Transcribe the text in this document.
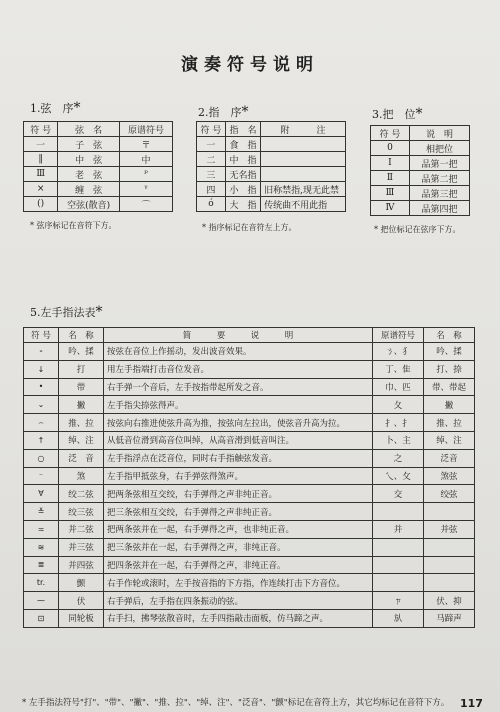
演奏符号说明
1.弦　序*
符 号	弦　名	原谱符号
一	子　弦	〒
‖	中　弦	中
Ⅲ	老　弦	ᵖ
×	缠　弦	ᵞ
()	空弦(散音)	⌒
* 弦序标记在音符下方。
2.指　序*
符 号	指　名	附　　　注
一	食　指	
二	中　指	
三	无名指	
四	小　指	旧称禁指,现无此禁
ó	大　指	传统曲不用此指
* 指序标记在音符左上方。
3.把　位*
符 号	说　明
0	相把位
Ⅰ	品第一把
Ⅱ	品第二把
Ⅲ	品第三把
Ⅳ	品第四把
* 把位标记在弦序下方。
5.左手指法表*
符 号	名　称	简　　　要　　　说　　　明	原谱符号	名　称
⁃	吟、揉	按弦在音位上作摇动，发出波音效果。	ㄋ、犭	吟、揉
↓	打	用左手指端打击音位发音。	丁、隹	打、捺
•	带	右手弹一个音后，左手按指带起所发之音。	巾、匹	带、带起
⌄	撇	左手指尖捺弦得声。	夂	撇
⌢	推、拉	按弦向右推进使弦升高为推，按弦向左拉出，使弦音升高为拉。	扌、扌	推、拉
↑	绰、注	从低音位滑到高音位叫绰，从高音滑到低音叫注。	卜、主	绰、注
○	泛　音	左手指浮点在泛音位，同时右手指触弦发音。	之	泛音
⁻	煞	左手指甲抵弦身，右手弹弦得煞声。	乀、攵	煞弦
∀	绞二弦	把两条弦相互交绞，右手弹得之声非纯正音。	交	绞弦
≚	绞三弦	把三条弦相互交绞，右手弹得之声非纯正音。		
≍	并二弦	把两条弦并在一起，右手弹得之声，也非纯正音。	并	并弦
≋	并三弦	把三条弦并在一起，右手弹得之声，非纯正音。		
≣	并四弦	把四条弦并在一起，右手弹得之声，非纯正音。		
tr.	颤	右手作轮或滚时，左手按音指的下方指，作连续打击下方音位。		
⁓	伏	右手弹后，左手指在四条振动的弦。	ㄗ	伏、抑
⊡	同轮板	右手扫，拂琴弦散音时，左手四指敲击面板，仿马蹄之声。	㫃	马蹄声
* 左手指法符号"打"、"带"、"撇"、"推、拉"、"绰、注"、"泛音"、"颤"标记在音符上方，其它均标记在音符下方。 117
